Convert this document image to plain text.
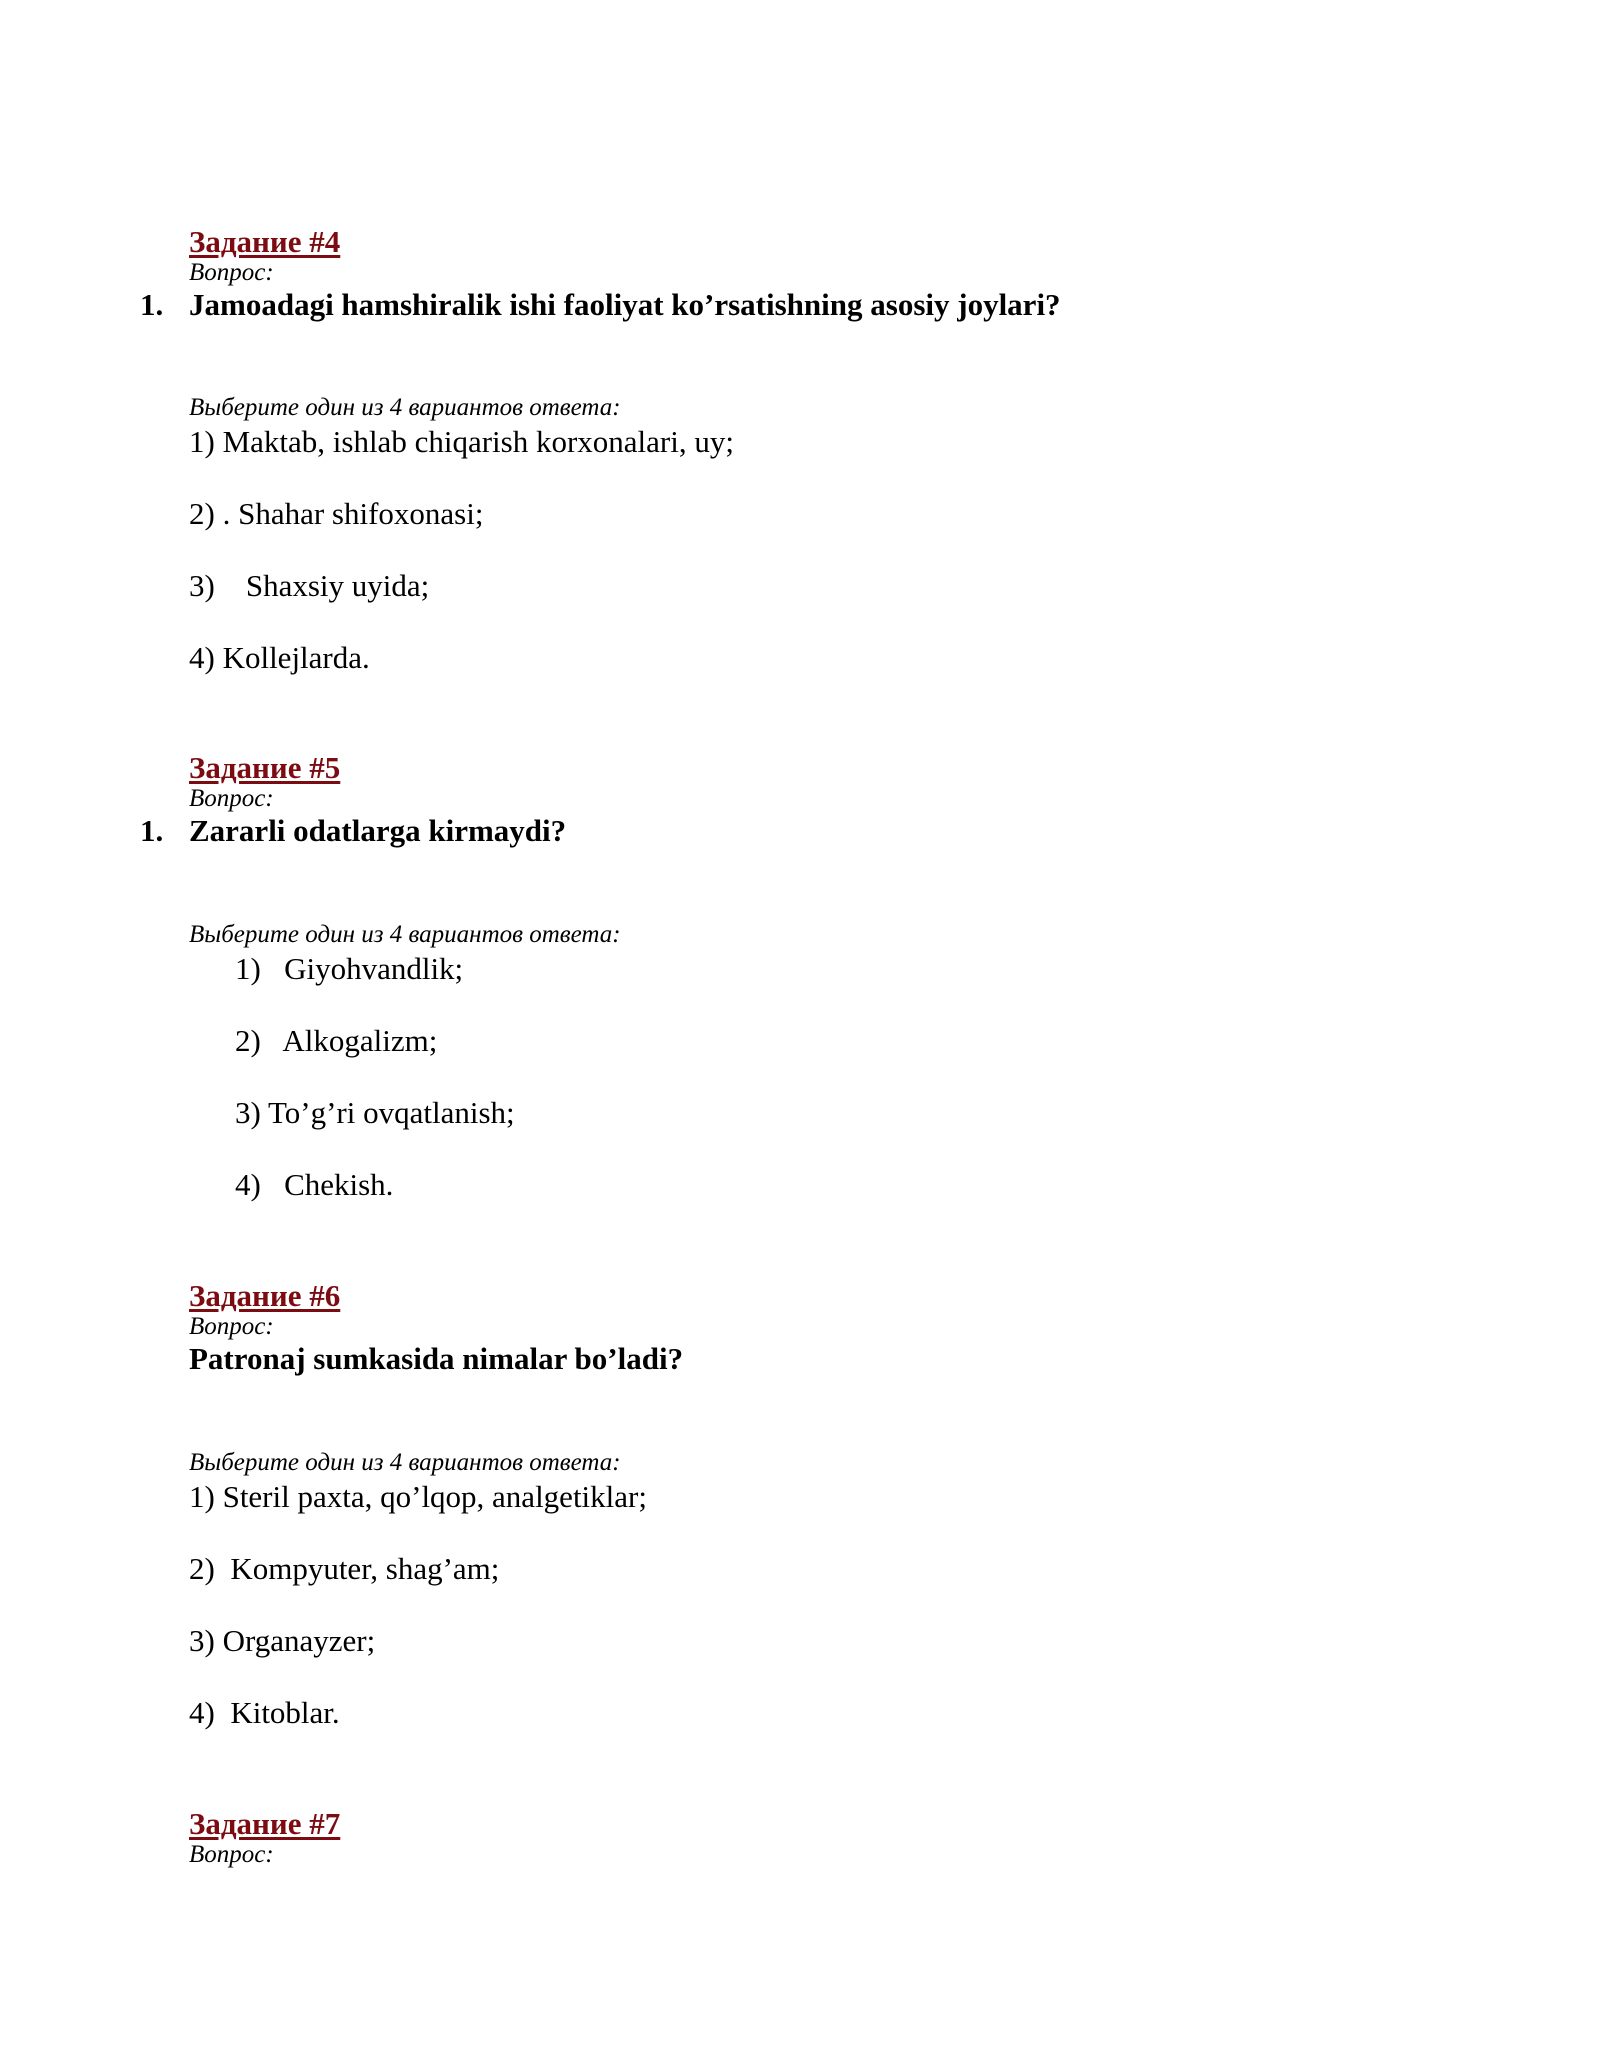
Задание #4
Вопрос:
1. Jamoadagi hamshiralik ishi faoliyat ko’rsatishning asosiy joylari?
Выберите один из 4 вариантов ответа:
1) Maktab, ishlab chiqarish korxonalari, uy;
2) . Shahar shifoxonasi;
3)    Shaxsiy uyida;
4) Kollejlarda.
Задание #5
Вопрос:
1. Zararli odatlarga kirmaydi?
Выберите один из 4 вариантов ответа:
1)   Giyohvandlik;
2)   Alkogalizm;
3) To’g’ri ovqatlanish;
4)   Chekish.
Задание #6
Вопрос:
Patronaj sumkasida nimalar bo’ladi?
Выберите один из 4 вариантов ответа:
1) Steril paxta, qo’lqop, analgetiklar;
2)  Kompyuter, shag’am;
3) Organayzer;
4)  Kitoblar.
Задание #7
Вопрос:
